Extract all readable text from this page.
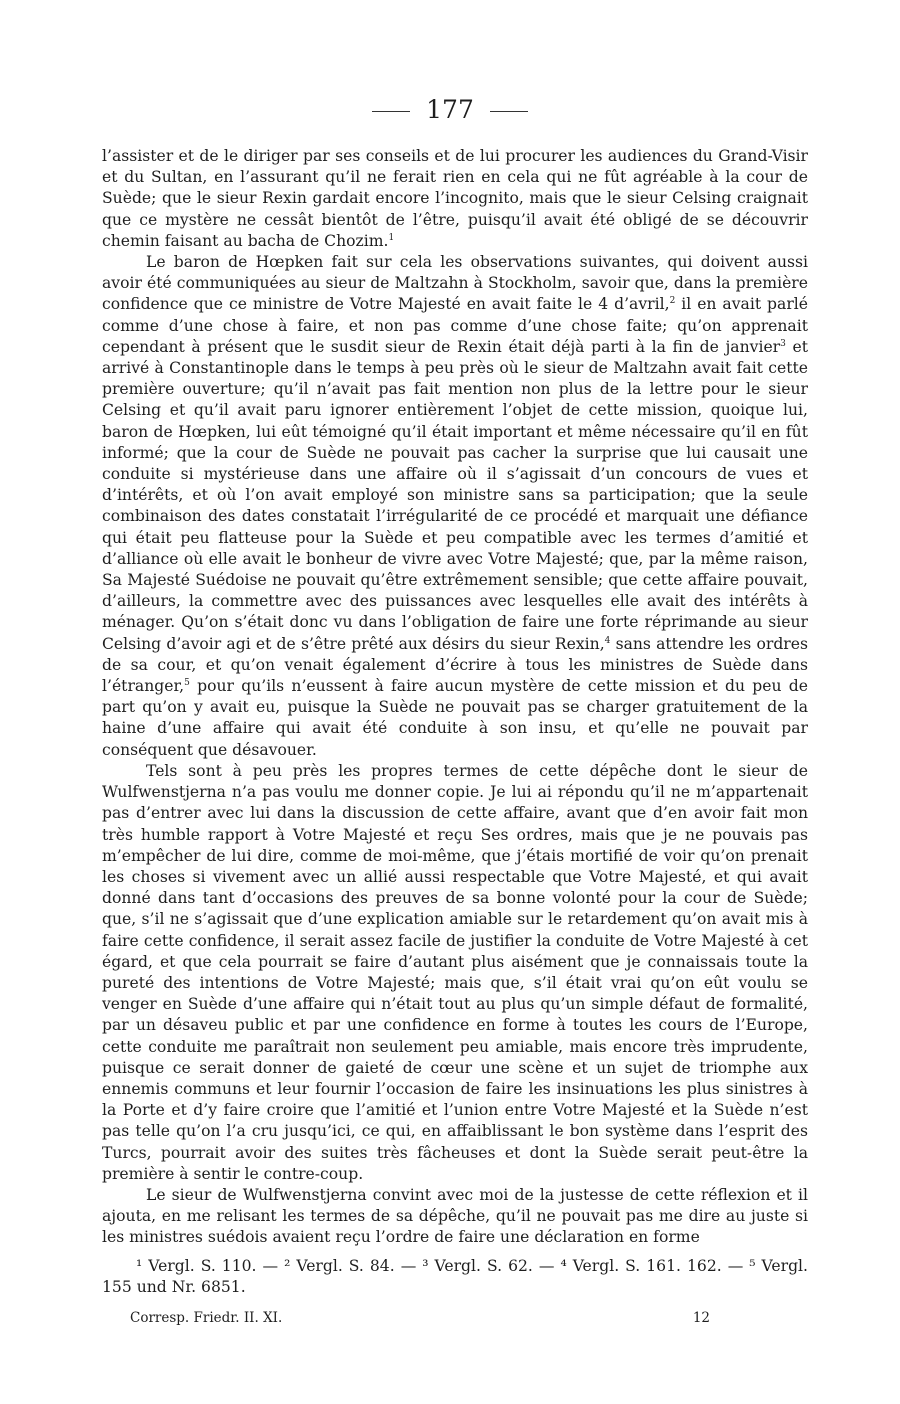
177

l’assister et de le diriger par ses conseils et de lui procurer les audiences du Grand-Visir et du Sultan, en l’assurant qu’il ne ferait rien en cela qui ne fût agréable à la cour de Suède; que le sieur Rexin gardait encore l’incognito, mais que le sieur Celsing craignait que ce mystère ne cessât bientôt de l’être, puisqu’il avait été obligé de se découvrir chemin faisant au bacha de Chozim.$^1$

Le baron de Hœpken fait sur cela les observations suivantes, qui doivent aussi avoir été communiquées au sieur de Maltzahn à Stockholm, savoir que, dans la première confidence que ce ministre de Votre Majesté en avait faite le 4 d’avril,$^2$ il en avait parlé comme d’une chose à faire, et non pas comme d’une chose faite; qu’on apprenait cependant à présent que le susdit sieur de Rexin était déjà parti à la fin de janvier$^3$ et arrivé à Constantinople dans le temps à peu près où le sieur de Maltzahn avait fait cette première ouverture; qu’il n’avait pas fait mention non plus de la lettre pour le sieur Celsing et qu’il avait paru ignorer entièrement l’objet de cette mission, quoique lui, baron de Hœpken, lui eût témoigné qu’il était important et même nécessaire qu’il en fût informé; que la cour de Suède ne pouvait pas cacher la surprise que lui causait une conduite si mystérieuse dans une affaire où il s’agissait d’un concours de vues et d’intérêts, et où l’on avait employé son ministre sans sa participation; que la seule combinaison des dates constatait l’irrégularité de ce procédé et marquait une défiance qui était peu flatteuse pour la Suède et peu compatible avec les termes d’amitié et d’alliance où elle avait le bonheur de vivre avec Votre Majesté; que, par la même raison, Sa Majesté Suédoise ne pouvait qu’être extrêmement sensible; que cette affaire pouvait, d’ailleurs, la commettre avec des puissances avec lesquelles elle avait des intérêts à ménager. Qu’on s’était donc vu dans l’obligation de faire une forte réprimande au sieur Celsing d’avoir agi et de s’être prêté aux désirs du sieur Rexin,$^4$ sans attendre les ordres de sa cour, et qu’on venait également d’écrire à tous les ministres de Suède dans l’étranger,$^5$ pour qu’ils n’eussent à faire aucun mystère de cette mission et du peu de part qu’on y avait eu, puisque la Suède ne pouvait pas se charger gratuitement de la haine d’une affaire qui avait été conduite à son insu, et qu’elle ne pouvait par conséquent que désavouer.

Tels sont à peu près les propres termes de cette dépêche dont le sieur de Wulfwenstjerna n’a pas voulu me donner copie. Je lui ai répondu qu’il ne m’appartenait pas d’entrer avec lui dans la discussion de cette affaire, avant que d’en avoir fait mon très humble rapport à Votre Majesté et reçu Ses ordres, mais que je ne pouvais pas m’empêcher de lui dire, comme de moi-même, que j’étais mortifié de voir qu’on prenait les choses si vivement avec un allié aussi respectable que Votre Majesté, et qui avait donné dans tant d’occasions des preuves de sa bonne volonté pour la cour de Suède; que, s’il ne s’agissait que d’une explication amiable sur le retardement qu’on avait mis à faire cette confidence, il serait assez facile de justifier la conduite de Votre Majesté à cet égard, et que cela pourrait se faire d’autant plus aisément que je connaissais toute la pureté des intentions de Votre Majesté; mais que, s’il était vrai qu’on eût voulu se venger en Suède d’une affaire qui n’était tout au plus qu’un simple défaut de formalité, par un désaveu public et par une confidence en forme à toutes les cours de l’Europe, cette conduite me paraîtrait non seulement peu amiable, mais encore très imprudente, puisque ce serait donner de gaieté de cœur une scène et un sujet de triomphe aux ennemis communs et leur fournir l’occasion de faire les insinuations les plus sinistres à la Porte et d’y faire croire que l’amitié et l’union entre Votre Majesté et la Suède n’est pas telle qu’on l’a cru jusqu’ici, ce qui, en affaiblissant le bon système dans l’esprit des Turcs, pourrait avoir des suites très fâcheuses et dont la Suède serait peut-être la première à sentir le contre-coup.

Le sieur de Wulfwenstjerna convint avec moi de la justesse de cette réflexion et il ajouta, en me relisant les termes de sa dépêche, qu’il ne pouvait pas me dire au juste si les ministres suédois avaient reçu l’ordre de faire une déclaration en forme

¹ Vergl. S. 110. — ² Vergl. S. 84. — ³ Vergl. S. 62. — ⁴ Vergl. S. 161. 162. — ⁵ Vergl. 155 und Nr. 6851.

Corresp. Friedr. II. XI.	12
